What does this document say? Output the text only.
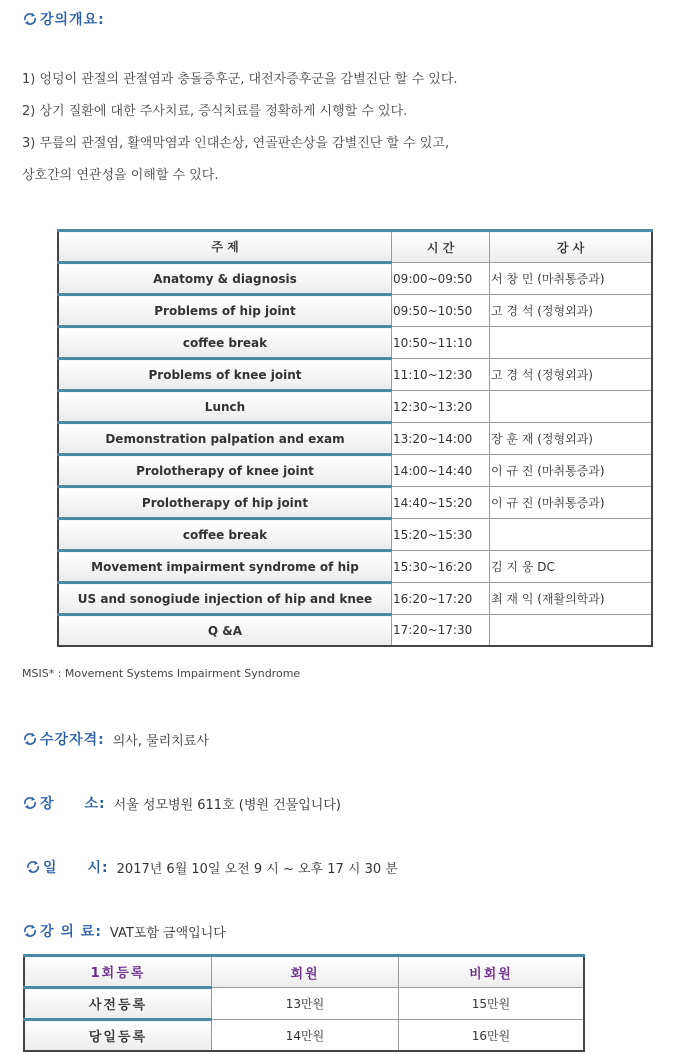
강의개요:
1) 엉덩이 관절의 관절염과 충돌증후군, 대전자증후군을 감별진단 할 수 있다.
2) 상기 질환에 대한 주사치료, 증식치료를 정확하게 시행할 수 있다.
3) 무릎의 관절염, 활액막염과 인대손상, 연골판손상을 감별진단 할 수 있고,
상호간의 연관성을 이해할 수 있다.
주 제	시 간	강 사
Anatomy & diagnosis	09:00~09:50	서 창 민 (마취통증과)
Problems of hip joint	09:50~10:50	고 경 석 (정형외과)
coffee break	10:50~11:10	
Problems of knee joint	11:10~12:30	고 경 석 (정형외과)
Lunch	12:30~13:20	
Demonstration palpation and exam	13:20~14:00	장 훈 재 (정형외과)
Prolotherapy of knee joint	14:00~14:40	이 규 진 (마취통증과)
Prolotherapy of hip joint	14:40~15:20	이 규 진 (마취통증과)
coffee break	15:20~15:30	
Movement impairment syndrome of hip	15:30~16:20	김 지 웅 DC
US and sonogiude injection of hip and knee	16:20~17:20	최 재 익 (재활의학과)
Q &A	17:20~17:30	
MSIS* : Movement Systems Impairment Syndrome
수강자격: 의사, 물리치료사
장　　소: 서울 성모병원 611호 (병원 건물입니다)
일　　시: 2017년 6월 10일 오전 9 시 ~ 오후 17 시 30 분
강 의 료: VAT포함 금액입니다
1회등록	회원	비회원
사전등록	13만원	15만원
당일등록	14만원	16만원
